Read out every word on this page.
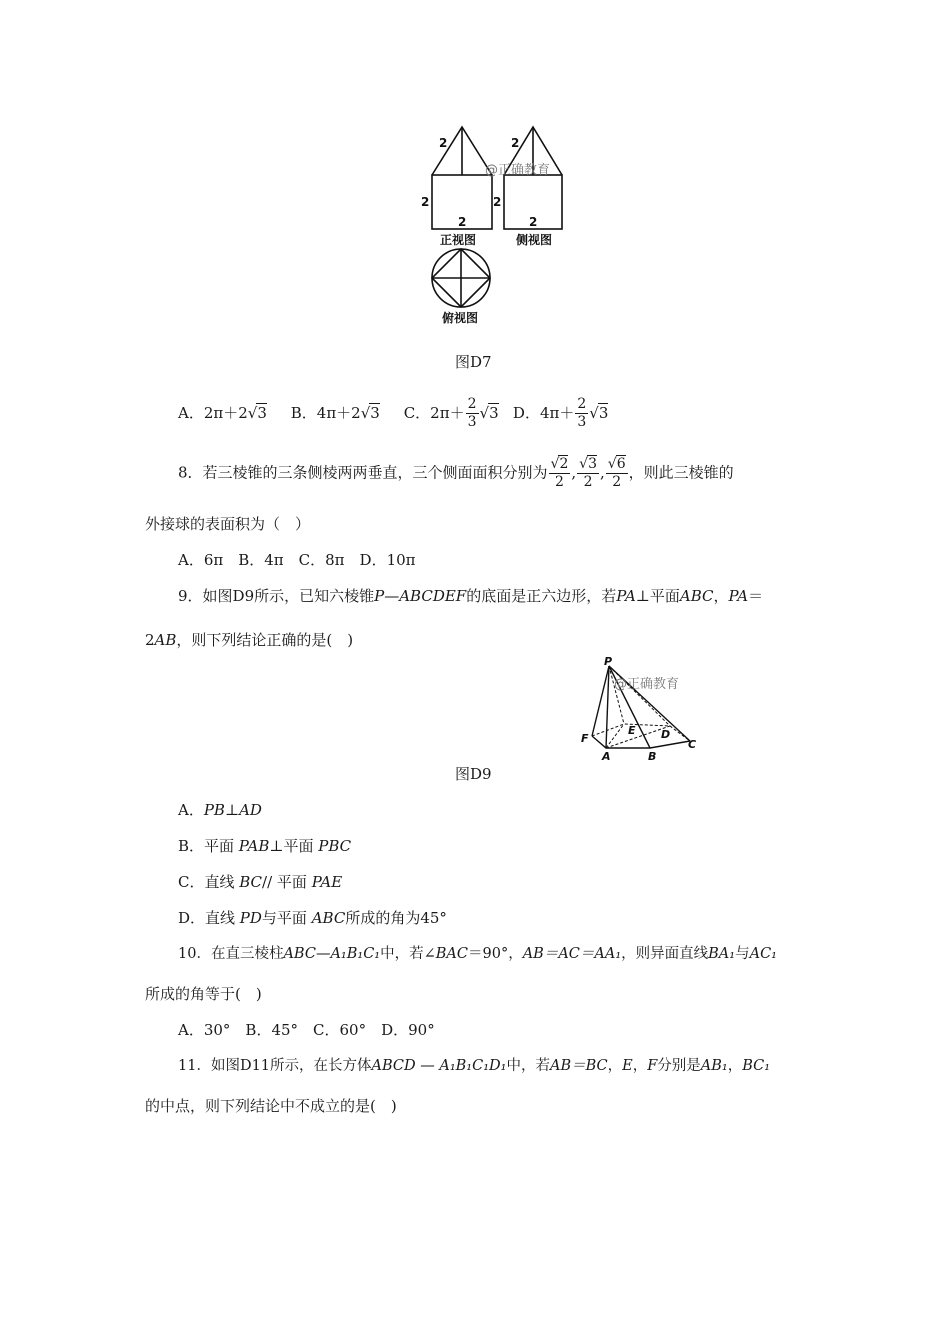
2
2
2
2
2
2
正视图	侧视图
俯视图
@正确教育
图D7
A．2π＋2√3 B．4π＋2√3 C．$2\pi+ \frac{2}{3} √3$ D．$4\pi+ \frac{2}{3} √3$
8．若三棱锥的三条侧棱两两垂直，三个侧面面积分别为 $\frac{√2}{2}$ , $\frac{√3}{2}$ , $\frac{√6}{2}$ ，则此三棱锥的
外接球的表面积为（　）
A．6π　B．4π　C．8π　D．10π
9．如图D9所示，已知六棱锥P—ABCDEF的底面是正六边形，若PA⊥平面ABC，PA＝
2AB，则下列结论正确的是(　)
P
F
A	B
C
D
E
@正确教育
图D9
A．PB⊥AD
B．平面 PAB⊥平面 PBC
C．直线 BC// 平面 PAE
D．直线 PD与平面 ABC所成的角为45°
10．在直三棱柱ABC—A₁B₁C₁中，若∠BAC＝90°，AB＝AC＝AA₁，则异面直线BA₁与AC₁
所成的角等于(　)
A．30°　B．45°　C．60°　D．90°
11．如图D11所示，在长方体ABCD — A₁B₁C₁D₁中，若AB＝BC，E，F分别是AB₁，BC₁
的中点，则下列结论中不成立的是(　)
